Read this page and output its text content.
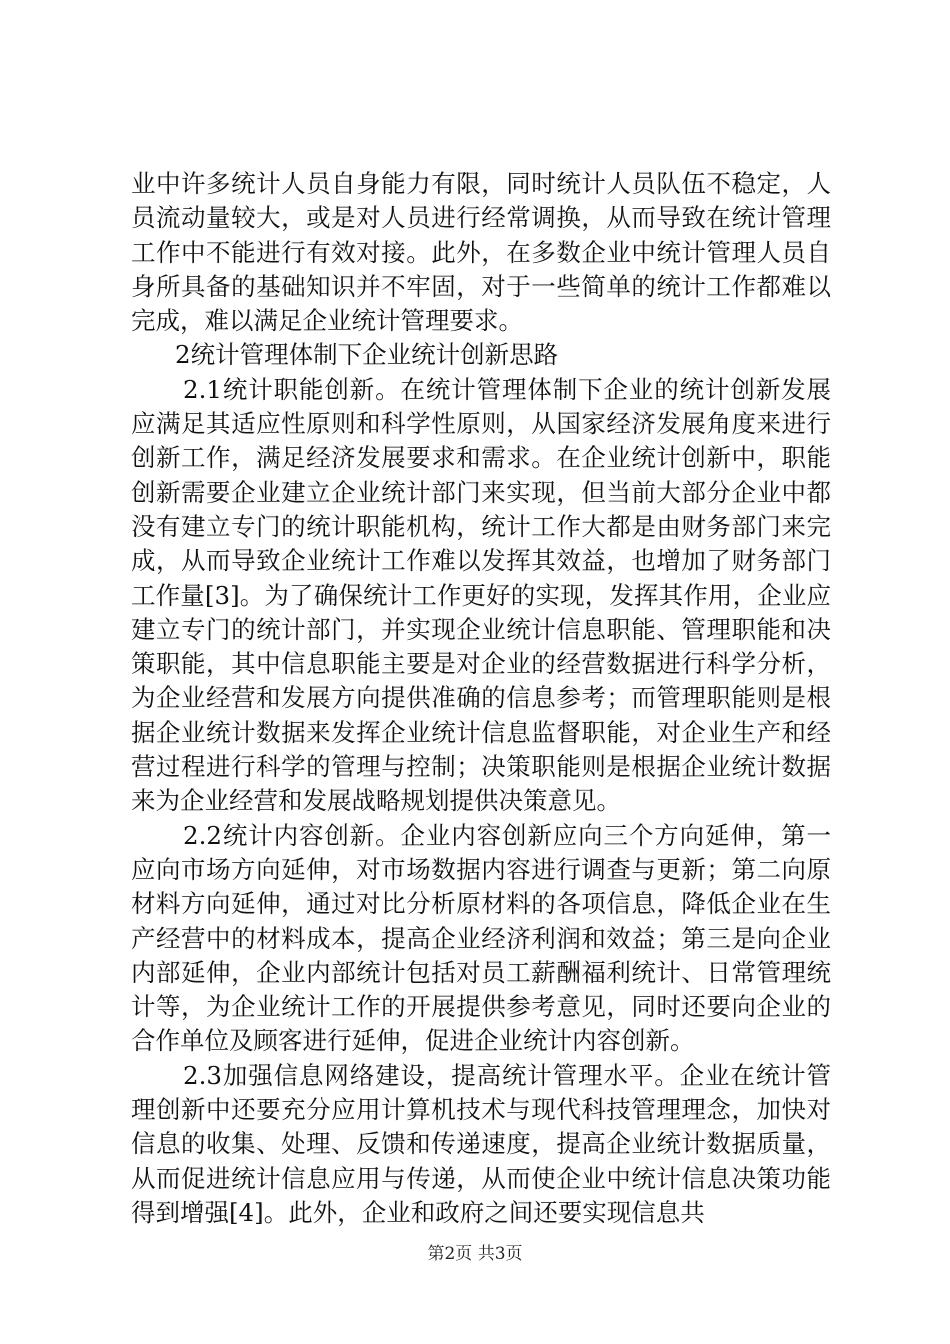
业中许多统计人员自身能力有限，同时统计人员队伍不稳定，人员流动量较大，或是对人员进行经常调换，从而导致在统计管理工作中不能进行有效对接。此外，在多数企业中统计管理人员自身所具备的基础知识并不牢固，对于一些简单的统计工作都难以完成，难以满足企业统计管理要求。

2统计管理体制下企业统计创新思路

2.1统计职能创新。在统计管理体制下企业的统计创新发展应满足其适应性原则和科学性原则，从国家经济发展角度来进行创新工作，满足经济发展要求和需求。在企业统计创新中，职能创新需要企业建立企业统计部门来实现，但当前大部分企业中都没有建立专门的统计职能机构，统计工作大都是由财务部门来完成，从而导致企业统计工作难以发挥其效益，也增加了财务部门工作量[3]。为了确保统计工作更好的实现，发挥其作用，企业应建立专门的统计部门，并实现企业统计信息职能、管理职能和决策职能，其中信息职能主要是对企业的经营数据进行科学分析，为企业经营和发展方向提供准确的信息参考；而管理职能则是根据企业统计数据来发挥企业统计信息监督职能，对企业生产和经营过程进行科学的管理与控制；决策职能则是根据企业统计数据来为企业经营和发展战略规划提供决策意见。

2.2统计内容创新。企业内容创新应向三个方向延伸，第一应向市场方向延伸，对市场数据内容进行调查与更新；第二向原材料方向延伸，通过对比分析原材料的各项信息，降低企业在生产经营中的材料成本，提高企业经济利润和效益；第三是向企业内部延伸，企业内部统计包括对员工薪酬福利统计、日常管理统计等，为企业统计工作的开展提供参考意见，同时还要向企业的合作单位及顾客进行延伸，促进企业统计内容创新。

2.3加强信息网络建设，提高统计管理水平。企业在统计管理创新中还要充分应用计算机技术与现代科技管理理念，加快对信息的收集、处理、反馈和传递速度，提高企业统计数据质量，从而促进统计信息应用与传递，从而使企业中统计信息决策功能得到增强[4]。此外，企业和政府之间还要实现信息共

第2页 共3页
